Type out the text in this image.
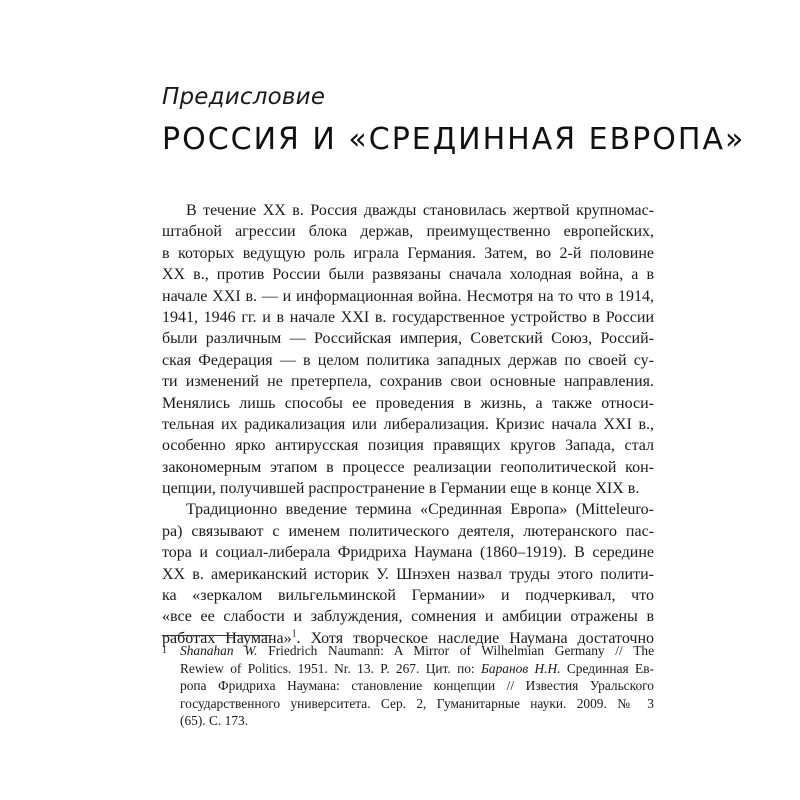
Предисловие
РОССИЯ И «СРЕДИННАЯ ЕВРОПА»
В течение XX в. Россия дважды становилась жертвой крупномас-
штабной агрессии блока держав, преимущественно европейских,
в которых ведущую роль играла Германия. Затем, во 2-й половине
XX в., против России были развязаны сначала холодная война, а в
начале XXI в. — и информационная война. Несмотря на то что в 1914,
1941, 1946 гг. и в начале XXI в. государственное устройство в России
были различным — Российская империя, Советский Союз, Россий-
ская Федерация — в целом политика западных держав по своей су-
ти изменений не претерпела, сохранив свои основные направления.
Менялись лишь способы ее проведения в жизнь, а также относи-
тельная их радикализация или либерализация. Кризис начала XXI в.,
особенно ярко антирусская позиция правящих кругов Запада, стал
закономерным этапом в процессе реализации геополитической кон-
цепции, получившей распространение в Германии еще в конце XIX в.
Традиционно введение термина «Срединная Европа» (Mitteleuro-
pa) связывают с именем политического деятеля, лютеранского пас-
тора и социал-либерала Фридриха Наумана (1860–1919). В середине
XX в. американский историк У. Шнэхен назвал труды этого полити-
ка «зеркалом вильгельминской Германии» и подчеркивал, что
«все ее слабости и заблуждения, сомнения и амбиции отражены в
работах Наумана»$^1$. Хотя творческое наследие Наумана достаточно
1 Shanahan W. Friedrich Naumann: A Mirror of Wilhelmian Germany // The
Rewiew of Politics. 1951. Nr. 13. P. 267. Цит. по: Баранов Н.Н. Срединная Ев-
ропа Фридриха Наумана: становление концепции // Известия Уральского
государственного университета. Сер. 2, Гуманитарные науки. 2009. № 3
(65). С. 173.
